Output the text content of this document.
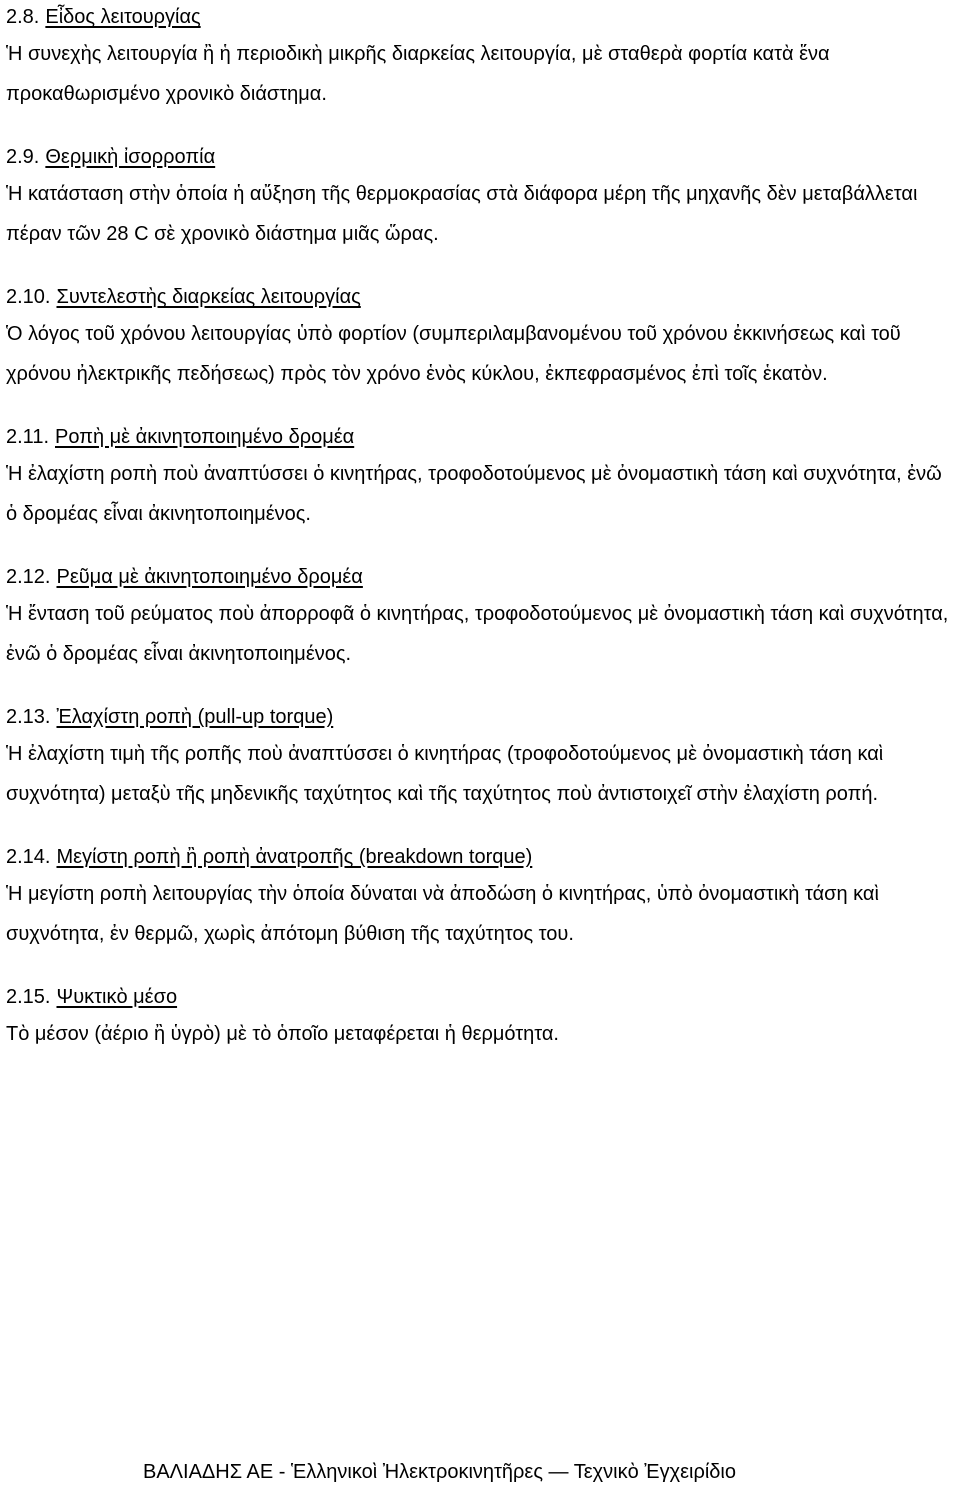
2.8. Εἶδος λειτουργίας

Ἡ συνεχὴς λειτουργία ἢ ἡ περιοδικὴ μικρῆς διαρκείας λειτουργία, μὲ σταθερὰ φορτία κατὰ ἕνα προκαθωρισμένο χρονικὸ διάστημα.

2.9. Θερμικὴ ἰσορροπία

Ἡ κατάσταση στὴν ὁποία ἡ αὔξηση τῆς θερμοκρασίας στὰ διάφορα μέρη τῆς μηχανῆς δὲν μεταβάλλεται πέραν τῶν 28 C σὲ χρονικὸ διάστημα μιᾶς ὥρας.

2.10. Συντελεστὴς διαρκείας λειτουργίας

Ὁ λόγος τοῦ χρόνου λειτουργίας ὑπὸ φορτίον (συμπεριλαμβανομένου τοῦ χρόνου ἐκκινήσεως καὶ τοῦ χρόνου ἠλεκτρικῆς πεδήσεως) πρὸς τὸν χρόνο ἑνὸς κύκλου, ἐκπεφρασμένος ἐπὶ τοῖς ἑκατὸν.

2.11. Ροπὴ μὲ ἀκινητοποιημένο δρομέα

Ἡ ἐλαχίστη ροπὴ ποὺ ἀναπτύσσει ὁ κινητήρας, τροφοδοτούμενος μὲ ὀνομαστικὴ τάση καὶ συχνότητα, ἐνῶ ὁ δρομέας εἶναι ἀκινητοποιημένος.

2.12. Ρεῦμα μὲ ἀκινητοποιημένο δρομέα

Ἡ ἔνταση τοῦ ρεύματος ποὺ ἀπορροφᾶ ὁ κινητήρας, τροφοδοτούμενος μὲ ὀνομαστικὴ τάση καὶ συχνότητα, ἐνῶ ὁ δρομέας εἶναι ἀκινητοποιημένος.

2.13. Ἐλαχίστη ροπὴ (pull-up torque)

Ἡ ἐλαχίστη τιμὴ τῆς ροπῆς ποὺ ἀναπτύσσει ὁ κινητήρας (τροφοδοτούμενος μὲ ὀνομαστικὴ τάση καὶ συχνότητα) μεταξὺ τῆς μηδενικῆς ταχύτητος καὶ τῆς ταχύτητος ποὺ ἀντιστοιχεῖ στὴν ἐλαχίστη ροπή.

2.14. Μεγίστη ροπὴ ἢ ροπὴ ἀνατροπῆς (breakdown torque)

Ἡ μεγίστη ροπὴ λειτουργίας τὴν ὁποία δύναται νὰ ἀποδώση ὁ κινητήρας, ὑπὸ ὀνομαστικὴ τάση καὶ συχνότητα, ἐν θερμῶ, χωρὶς ἀπότομη βύθιση τῆς ταχύτητος του.

2.15. Ψυκτικὸ μέσο

Τὸ μέσον (ἀέριο ἢ ὑγρὸ) μὲ τὸ ὁποῖο μεταφέρεται ἡ θερμότητα.

ΒΑΛΙΑΔΗΣ ΑΕ - Ἑλληνικοὶ Ἠλεκτροκινητῆρες — Τεχνικὸ Ἐγχειρίδιο
